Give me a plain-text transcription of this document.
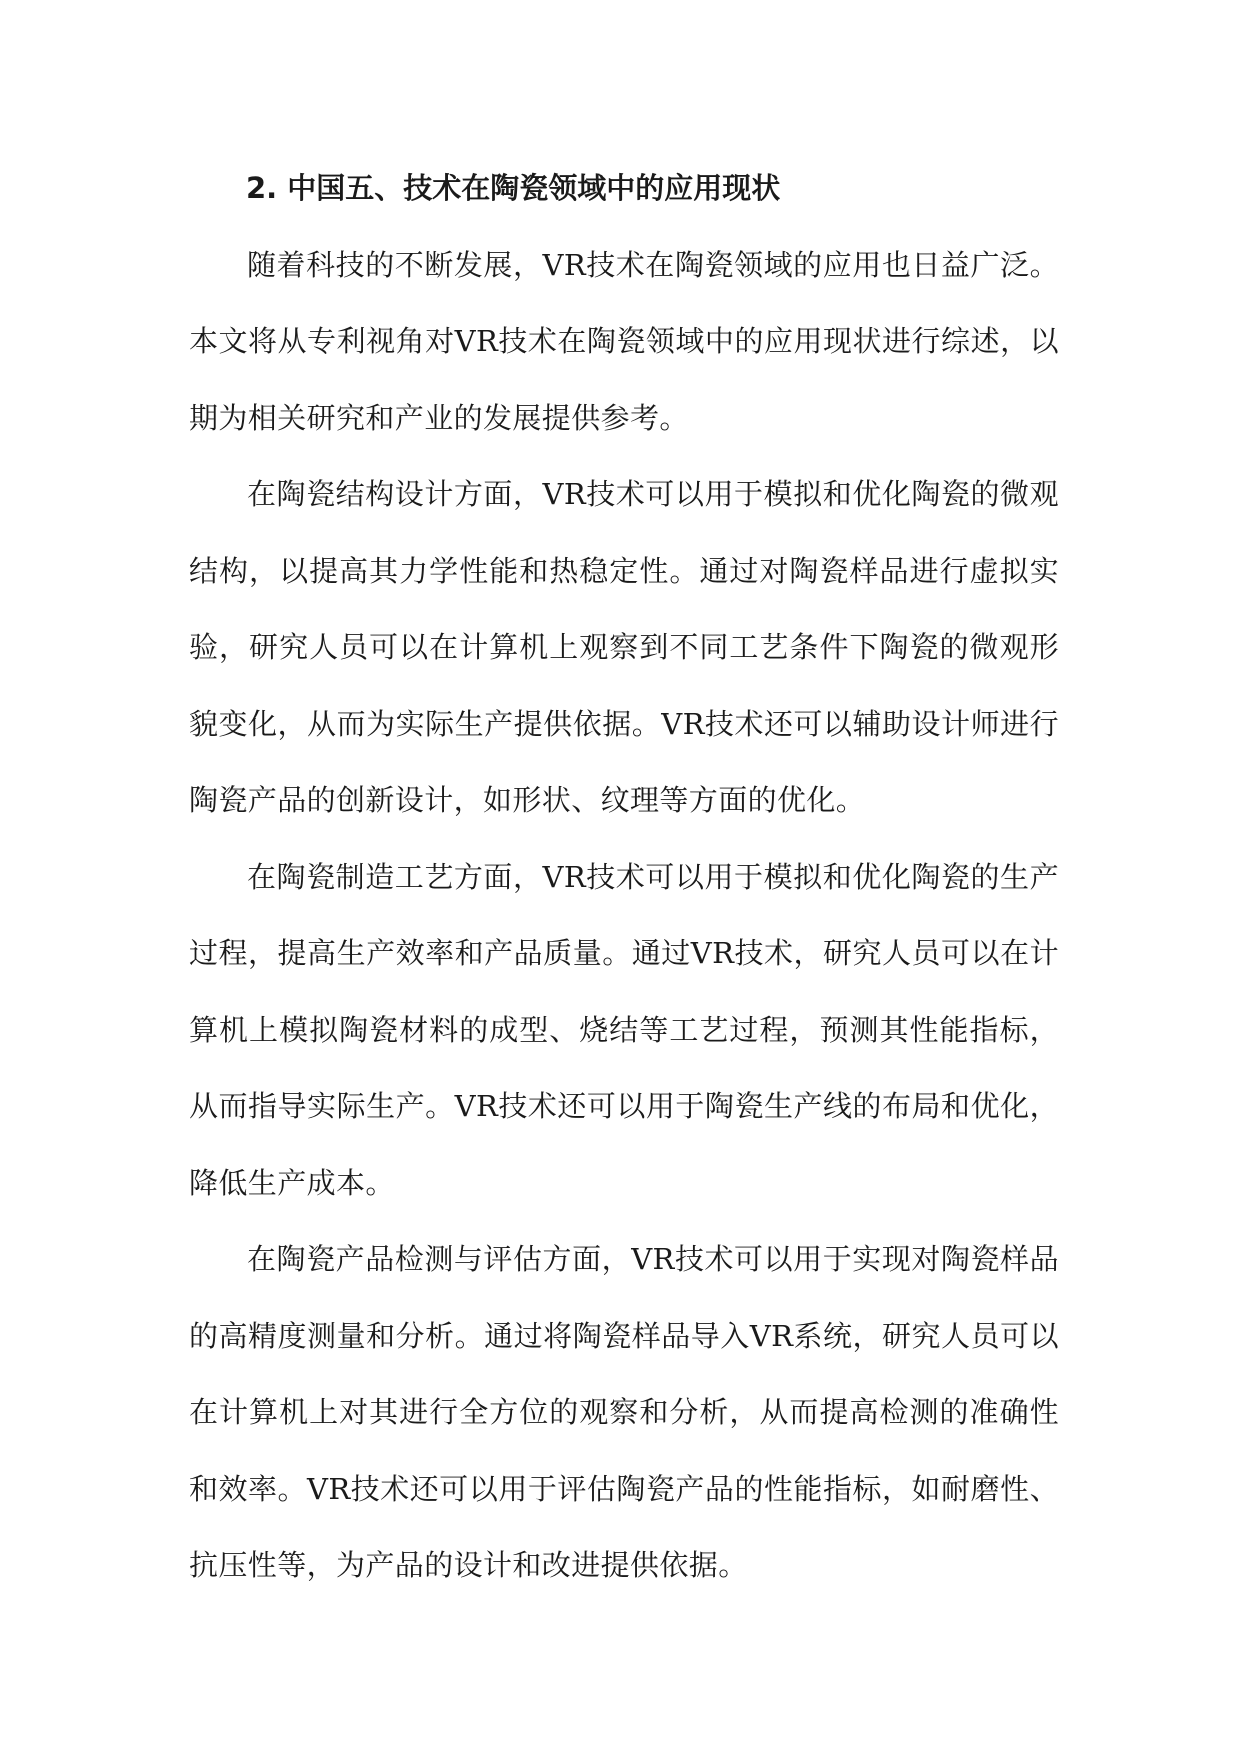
2. 中国五、技术在陶瓷领域中的应用现状

随着科技的不断发展，VR技术在陶瓷领域的应用也日益广泛。本文将从专利视角对VR技术在陶瓷领域中的应用现状进行综述，以期为相关研究和产业的发展提供参考。

在陶瓷结构设计方面，VR技术可以用于模拟和优化陶瓷的微观结构，以提高其力学性能和热稳定性。通过对陶瓷样品进行虚拟实验，研究人员可以在计算机上观察到不同工艺条件下陶瓷的微观形貌变化，从而为实际生产提供依据。VR技术还可以辅助设计师进行陶瓷产品的创新设计，如形状、纹理等方面的优化。

在陶瓷制造工艺方面，VR技术可以用于模拟和优化陶瓷的生产过程，提高生产效率和产品质量。通过VR技术，研究人员可以在计算机上模拟陶瓷材料的成型、烧结等工艺过程，预测其性能指标，从而指导实际生产。VR技术还可以用于陶瓷生产线的布局和优化，降低生产成本。

在陶瓷产品检测与评估方面，VR技术可以用于实现对陶瓷样品的高精度测量和分析。通过将陶瓷样品导入VR系统，研究人员可以在计算机上对其进行全方位的观察和分析，从而提高检测的准确性和效率。VR技术还可以用于评估陶瓷产品的性能指标，如耐磨性、抗压性等，为产品的设计和改进提供依据。
